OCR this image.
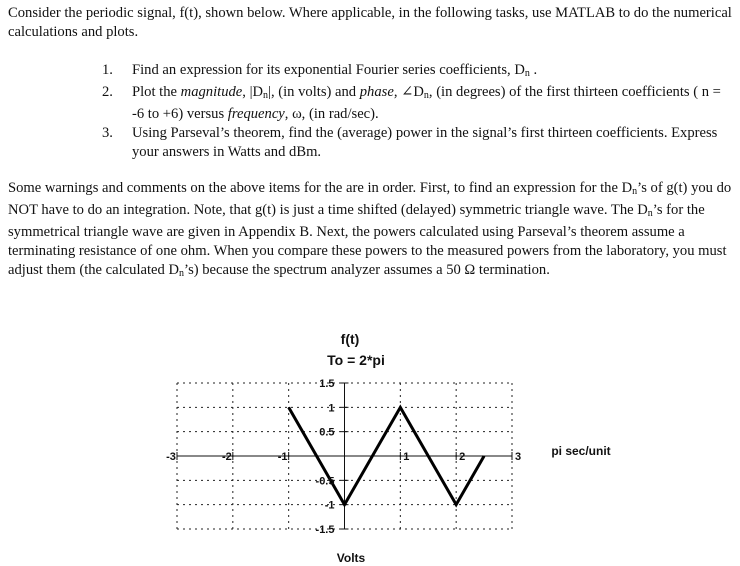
Consider the periodic signal, f(t), shown below. Where applicable, in the following tasks, use MATLAB to do the numerical calculations and plots.
1. Find an expression for its exponential Fourier series coefficients, $D_n$ .
2. Plot the magnitude, $|D_n|$, (in volts) and phase, $\angle D_n$, (in degrees) of the first thirteen coefficients ( n = -6 to +6) versus frequency, ω, (in rad/sec).
3. Using Parseval’s theorem, find the (average) power in the signal’s first thirteen coefficients. Express your answers in Watts and dBm.
Some warnings and comments on the above items for the are in order. First, to find an expression for the $D_n’s$ of g(t) you do NOT have to do an integration. Note, that g(t) is just a time shifted (delayed) symmetric triangle wave. The $D_n’s$ for the symmetrical triangle wave are given in Appendix B. Next, the powers calculated using Parseval’s theorem assume a terminating resistance of one ohm. When you compare these powers to the measured powers from the laboratory, you must adjust them (the calculated $D_n’s$) because the spectrum analyzer assumes a 50 Ω termination.
-3	-2	-1	1	2	3
1.5
1
0.5
-0.5
-1
-1.5
f(t)
To = 2*pi
pi sec/unit
Volts
